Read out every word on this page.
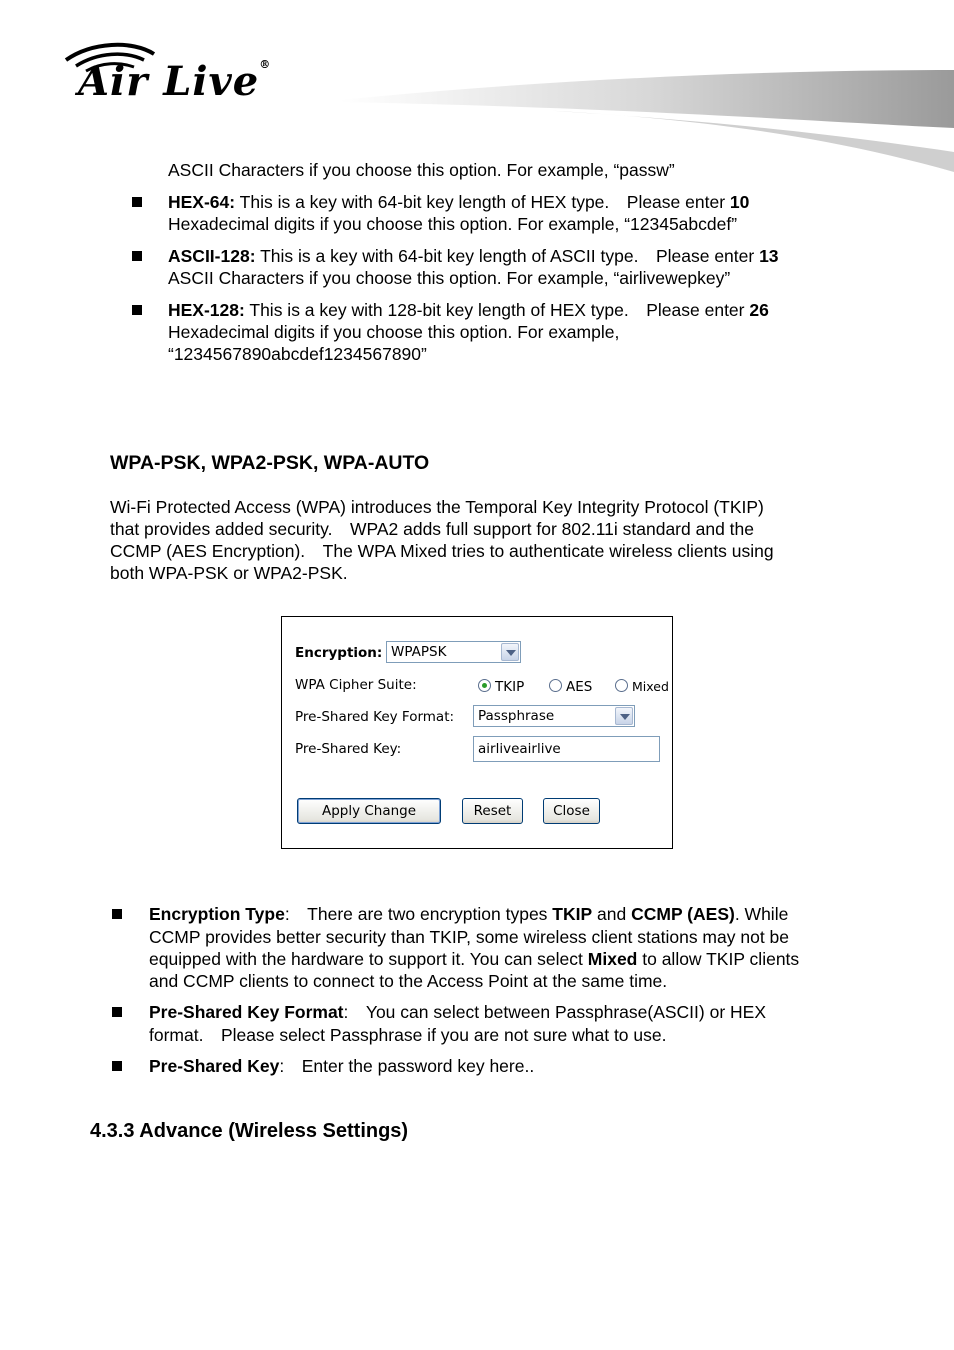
Air Live®
ASCII Characters if you choose this option. For example, “passw”
HEX-64: This is a key with 64-bit key length of HEX type.　Please enter 10
Hexadecimal digits if you choose this option. For example, “12345abcdef”
ASCII-128: This is a key with 64-bit key length of ASCII type.　Please enter 13
ASCII Characters if you choose this option. For example, “airlivewepkey”
HEX-128: This is a key with 128-bit key length of HEX type.　Please enter 26
Hexadecimal digits if you choose this option. For example,
“1234567890abcdef1234567890”
WPA-PSK, WPA2-PSK, WPA-AUTO
Wi-Fi Protected Access (WPA) introduces the Temporal Key Integrity Protocol (TKIP)
that provides added security.　WPA2 adds full support for 802.11i standard and the
CCMP (AES Encryption).　The WPA Mixed tries to authenticate wireless clients using
both WPA-PSK or WPA2-PSK.
Encryption: WPAPSK
WPA Cipher Suite:	TKIP	AES	Mixed
Pre-Shared Key Format: Passphrase
Pre-Shared Key:	airliveairlive
Apply Change	Reset	Close
Encryption Type:　There are two encryption types TKIP and CCMP (AES). While
CCMP provides better security than TKIP, some wireless client stations may not be
equipped with the hardware to support it. You can select Mixed to allow TKIP clients
and CCMP clients to connect to the Access Point at the same time.
Pre-Shared Key Format:　You can select between Passphrase(ASCII) or HEX
format.　Please select Passphrase if you are not sure what to use.
Pre-Shared Key:　Enter the password key here..
4.3.3 Advance (Wireless Settings)
